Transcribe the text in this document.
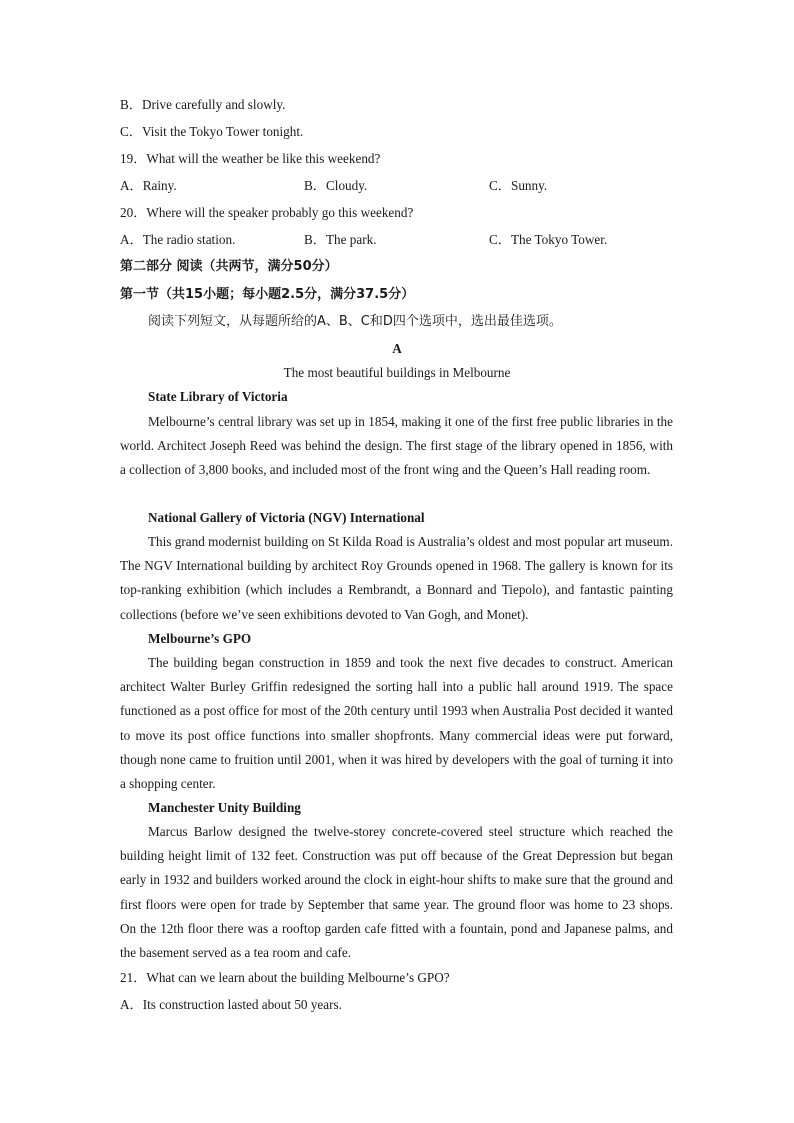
B．Drive carefully and slowly.
C．Visit the Tokyo Tower tonight.
19．What will the weather be like this weekend?
A．Rainy.	B．Cloudy.	C．Sunny.
20．Where will the speaker probably go this weekend?
A．The radio station.	B．The park.	C．The Tokyo Tower.
第二部分 阅读（共两节，满分50分）
第一节（共15小题；每小题2.5分，满分37.5分）
阅读下列短文，从每题所给的A、B、C和D四个选项中，选出最佳选项。
A
The most beautiful buildings in Melbourne
State Library of Victoria
Melbourne’s central library was set up in 1854, making it one of the first free public libraries in the world. Architect Joseph Reed was behind the design. The first stage of the library opened in 1856, with a collection of 3,800 books, and included most of the front wing and the Queen’s Hall reading room.
National Gallery of Victoria (NGV) International
This grand modernist building on St Kilda Road is Australia’s oldest and most popular art museum. The NGV International building by architect Roy Grounds opened in 1968. The gallery is known for its top-ranking exhibition (which includes a Rembrandt, a Bonnard and Tiepolo), and fantastic painting collections (before we’ve seen exhibitions devoted to Van Gogh, and Monet).
Melbourne’s GPO
The building began construction in 1859 and took the next five decades to construct. American architect Walter Burley Griffin redesigned the sorting hall into a public hall around 1919. The space functioned as a post office for most of the 20th century until 1993 when Australia Post decided it wanted to move its post office functions into smaller shopfronts. Many commercial ideas were put forward, though none came to fruition until 2001, when it was hired by developers with the goal of turning it into a shopping center.
Manchester Unity Building
Marcus Barlow designed the twelve-storey concrete-covered steel structure which reached the building height limit of 132 feet. Construction was put off because of the Great Depression but began early in 1932 and builders worked around the clock in eight-hour shifts to make sure that the ground and first floors were open for trade by September that same year. The ground floor was home to 23 shops. On the 12th floor there was a rooftop garden cafe fitted with a fountain, pond and Japanese palms, and the basement served as a tea room and cafe.
21．What can we learn about the building Melbourne’s GPO?
A．Its construction lasted about 50 years.
